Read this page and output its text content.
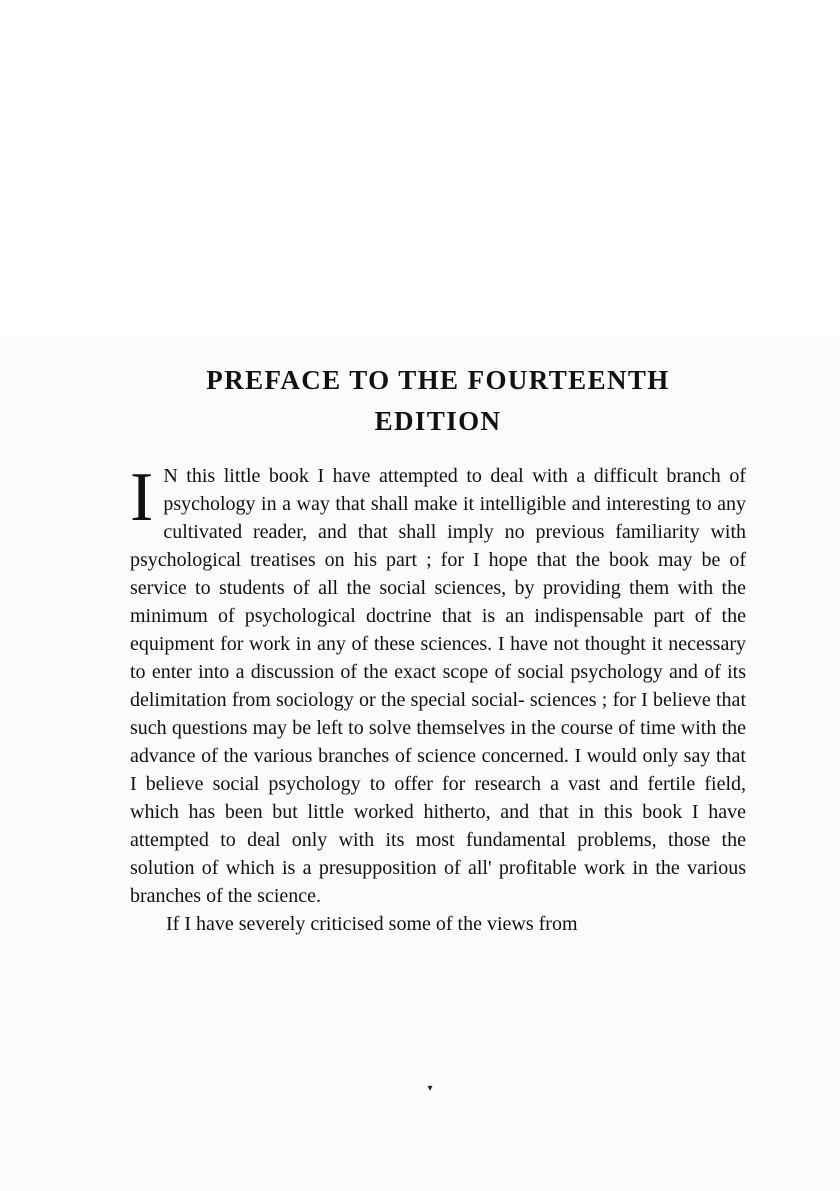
PREFACE TO THE FOURTEENTH
EDITION

I N this little book I have attempted to deal with a difficult branch of psychology in a way that shall make it intelligible and interesting to any cultivated reader, and that shall imply no previous familiarity with psychological treatises on his part ; for I hope that the book may be of service to students of all the social sciences, by providing them with the minimum of psychological doctrine that is an indispensable part of the equipment for work in any of these sciences. I have not thought it necessary to enter into a discussion of the exact scope of social psychology and of its delimitation from sociology or the special social- sciences ; for I believe that such questions may be left to solve themselves in the course of time with the advance of the various branches of science concerned. I would only say that I believe social psychology to offer for research a vast and fertile field, which has been but little worked hitherto, and that in this book I have attempted to deal only with its most fundamental problems, those the solution of which is a presupposition of all' profitable work in the various branches of the science.

If I have severely criticised some of the views from

▾
